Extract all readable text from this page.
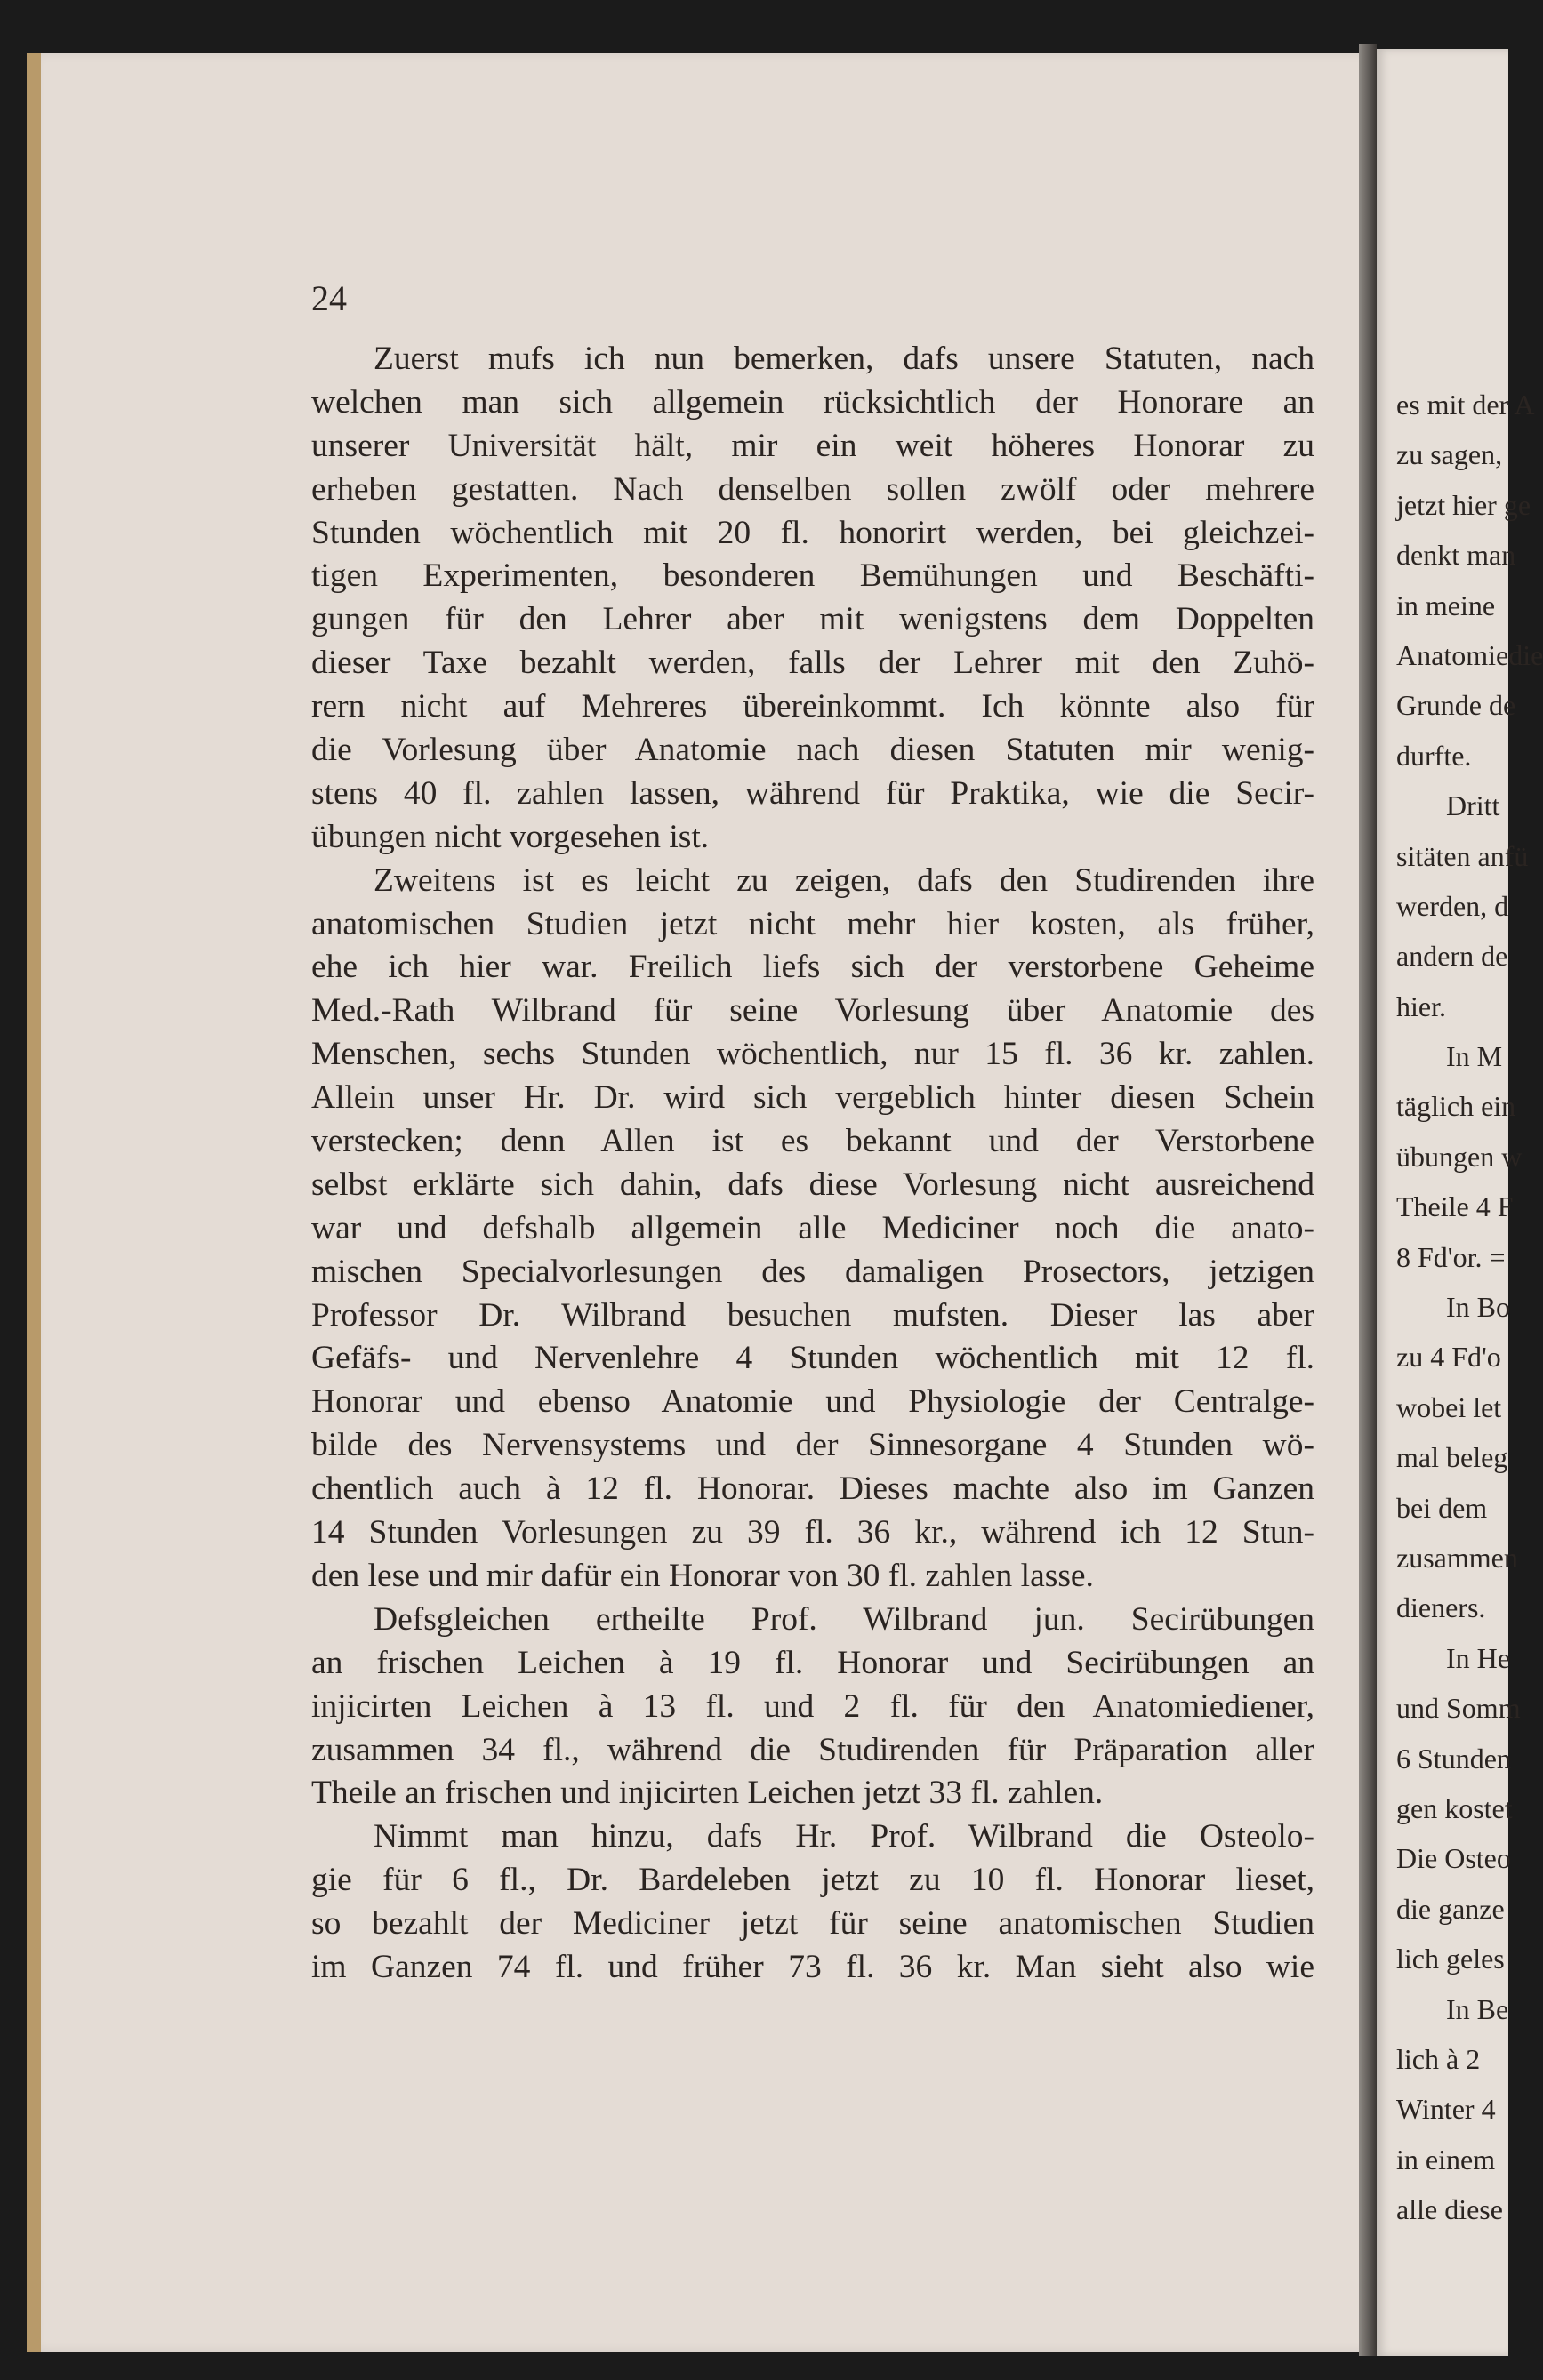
es mit der A
zu sagen,
jetzt hier ge
denkt man
in meine
Anatomiedie
Grunde de
durfte.
Dritt
sitäten anfü
werden, d
andern de
hier.
In M
täglich ein
übungen w
Theile 4 F
8 Fd'or. =
In Bo
zu 4 Fd'o
wobei let
mal beleg
bei dem
zusammen
dieners.
In He
und Somm
6 Stunden
gen kostet
Die Osteo
die ganze
lich geles
In Be
lich à 2
Winter 4
in einem
alle diese
24
Zuerst mufs ich nun bemerken, dafs unsere Statuten, nach
welchen man sich allgemein rücksichtlich der Honorare an
unserer Universität hält, mir ein weit höheres Honorar zu
erheben gestatten. Nach denselben sollen zwölf oder mehrere
Stunden wöchentlich mit 20 fl. honorirt werden, bei gleichzei-
tigen Experimenten, besonderen Bemühungen und Beschäfti-
gungen für den Lehrer aber mit wenigstens dem Doppelten
dieser Taxe bezahlt werden, falls der Lehrer mit den Zuhö-
rern nicht auf Mehreres übereinkommt. Ich könnte also für
die Vorlesung über Anatomie nach diesen Statuten mir wenig-
stens 40 fl. zahlen lassen, während für Praktika, wie die Secir-
übungen nicht vorgesehen ist.
Zweitens ist es leicht zu zeigen, dafs den Studirenden ihre
anatomischen Studien jetzt nicht mehr hier kosten, als früher,
ehe ich hier war. Freilich liefs sich der verstorbene Geheime
Med.-Rath Wilbrand für seine Vorlesung über Anatomie des
Menschen, sechs Stunden wöchentlich, nur 15 fl. 36 kr. zahlen.
Allein unser Hr. Dr. wird sich vergeblich hinter diesen Schein
verstecken; denn Allen ist es bekannt und der Verstorbene
selbst erklärte sich dahin, dafs diese Vorlesung nicht ausreichend
war und defshalb allgemein alle Mediciner noch die anato-
mischen Specialvorlesungen des damaligen Prosectors, jetzigen
Professor Dr. Wilbrand besuchen mufsten. Dieser las aber
Gefäfs- und Nervenlehre 4 Stunden wöchentlich mit 12 fl.
Honorar und ebenso Anatomie und Physiologie der Centralge-
bilde des Nervensystems und der Sinnesorgane 4 Stunden wö-
chentlich auch à 12 fl. Honorar. Dieses machte also im Ganzen
14 Stunden Vorlesungen zu 39 fl. 36 kr., während ich 12 Stun-
den lese und mir dafür ein Honorar von 30 fl. zahlen lasse.
Defsgleichen ertheilte Prof. Wilbrand jun. Secirübungen
an frischen Leichen à 19 fl. Honorar und Secirübungen an
injicirten Leichen à 13 fl. und 2 fl. für den Anatomiediener,
zusammen 34 fl., während die Studirenden für Präparation aller
Theile an frischen und injicirten Leichen jetzt 33 fl. zahlen.
Nimmt man hinzu, dafs Hr. Prof. Wilbrand die Osteolo-
gie für 6 fl., Dr. Bardeleben jetzt zu 10 fl. Honorar lieset,
so bezahlt der Mediciner jetzt für seine anatomischen Studien
im Ganzen 74 fl. und früher 73 fl. 36 kr. Man sieht also wie
